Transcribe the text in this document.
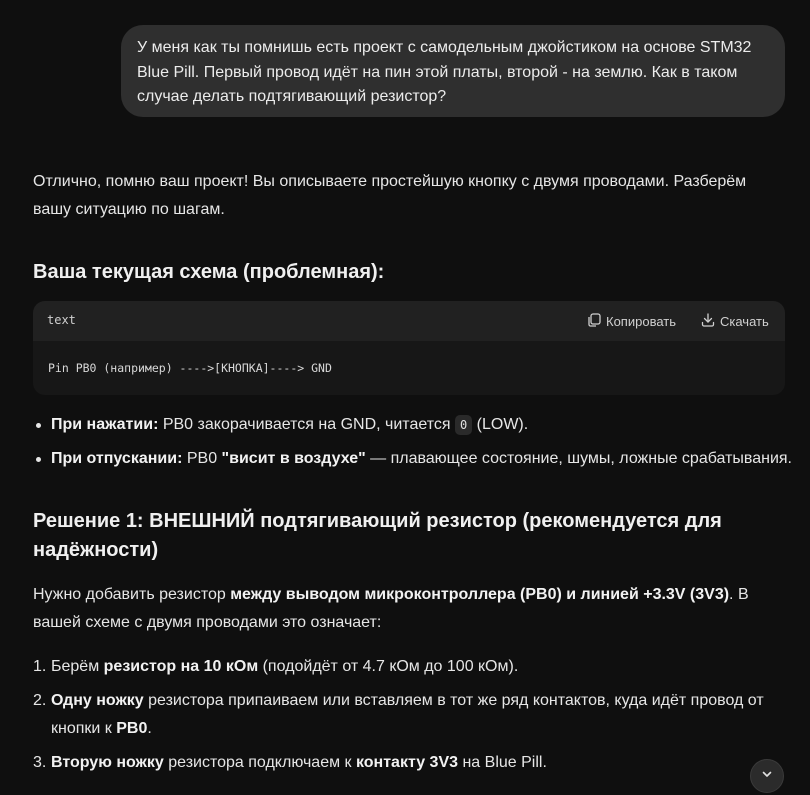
У меня как ты помнишь есть проект с самодельным джойстиком на основе STM32 Blue Pill. Первый провод идёт на пин этой платы, второй - на землю. Как в таком случае делать подтягивающий резистор?

Отлично, помню ваш проект! Вы описываете простейшую кнопку с двумя проводами. Разберём вашу ситуацию по шагам.

Ваша текущая схема (проблемная):
text	Копировать	Скачать
Pin PB0 (например) ---->[КНОПКА]----> GND
При нажатии: PB0 закорачивается на GND, читается 0 (LOW).
При отпускании: PB0 "висит в воздухе" — плавающее состояние, шумы, ложные срабатывания.
Решение 1: ВНЕШНИЙ подтягивающий резистор (рекомендуется для надёжности)

Нужно добавить резистор между выводом микроконтроллера (PB0) и линией +3.3V (3V3). В вашей схеме с двумя проводами это означает:

1. Берём резистор на 10 кОм (подойдёт от 4.7 кОм до 100 кОм).
2. Одну ножку резистора припаиваем или вставляем в тот же ряд контактов, куда идёт провод от кнопки к PB0.
3. Вторую ножку резистора подключаем к контакту 3V3 на Blue Pill.
